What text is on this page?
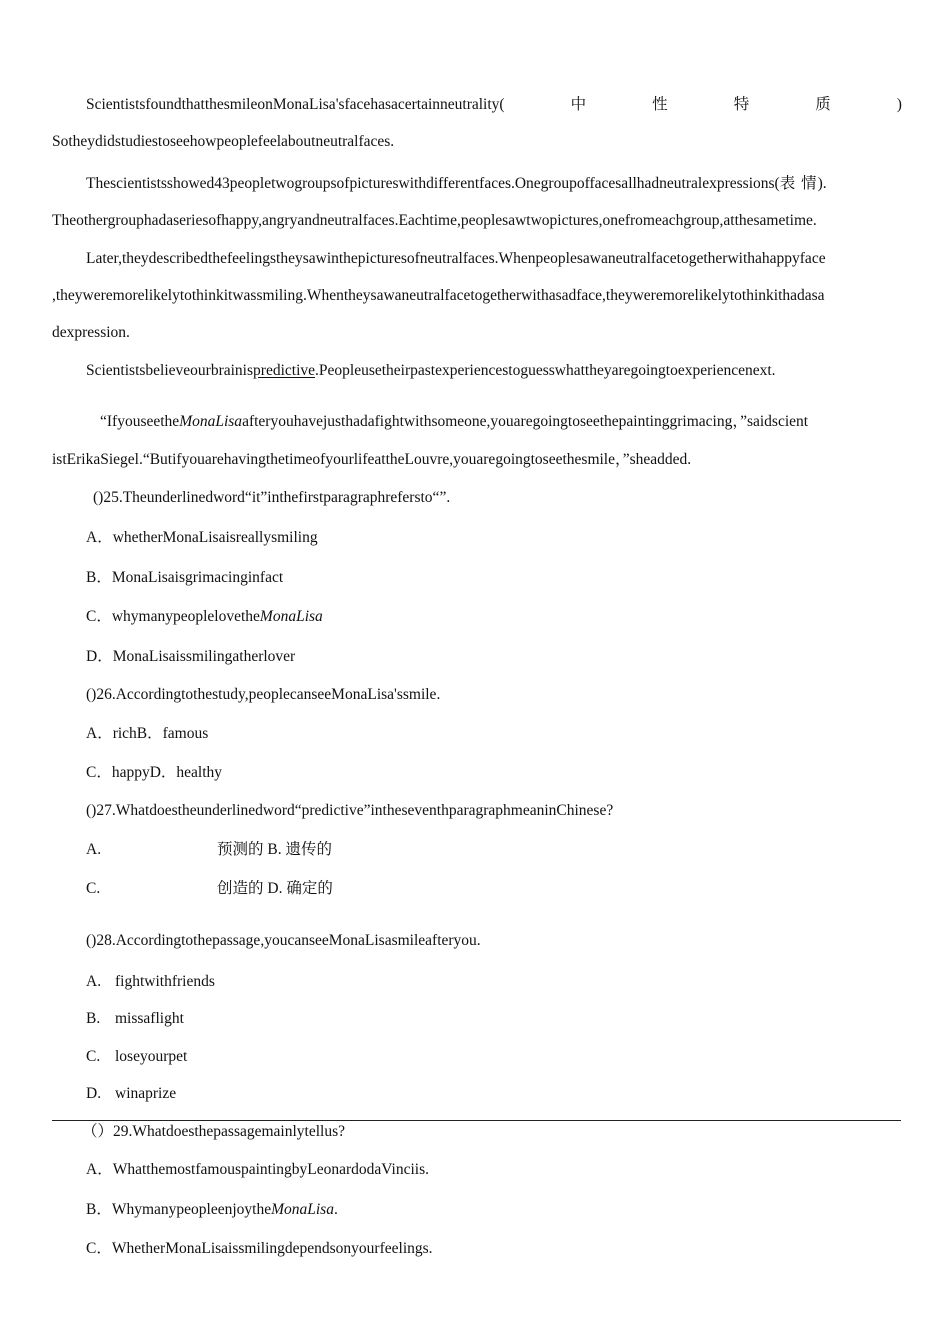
ScientistsfoundthatthesmileonMonaLisa'sfacehasacertainneutrality(	中	性	特	质	)
Sotheydidstudiestoseehowpeoplefeelaboutneutralfaces.
Thescientistsshowed43peopletwogroupsofpictureswithdifferentfaces.Onegroupoffacesallhadneutralexpressions(表 情).
Theothergrouphadaseriesofhappy,angryandneutralfaces.Eachtime,peoplesawtwopictures,onefromeachgroup,atthesametime.
Later,theydescribedthefeelingstheysawinthepicturesofneutralfaces.Whenpeoplesawaneutralfacetogetherwithahappyface
,theyweremorelikelytothinkitwassmiling.Whentheysawaneutralfacetogetherwithasadface,theyweremorelikelytothinkithadasa
dexpression.
Scientistsbelieveourbrainispredictive.Peopleusetheirpastexperiencestoguesswhattheyaregoingtoexperiencenext.
“IfyouseetheMonaLisaafteryouhavejusthadafightwithsomeone,youaregoingtoseethepaintinggrimacing，”saidscient
istErikaSiegel.“ButifyouarehavingthetimeofyourlifeattheLouvre,youaregoingtoseethesmile，”sheadded.
()25.Theunderlinedword“it”inthefirstparagraphrefersto“”.
A．whetherMonaLisaisreallysmiling
B．MonaLisaisgrimacinginfact
C．whymanypeoplelovetheMonaLisa
D．MonaLisaissmilingatherlover
()26.Accordingtothestudy,peoplecanseeMonaLisa'ssmile.
A．richB．famous
C．happyD．healthy
()27.Whatdoestheunderlinedword“predictive”intheseventhparagraphmeaninChinese?
A.	预测的 B. 遗传的
C.	创造的 D. 确定的
()28.Accordingtothepassage,youcanseeMonaLisasmileafteryou.
A. fightwithfriends
B. missaflight
C. loseyourpet
D. winaprize
（）29.Whatdoesthepassagemainlytellus?
A．WhatthemostfamouspaintingbyLeonardodaVinciis.
B．WhymanypeopleenjoytheMonaLisa.
C．WhetherMonaLisaissmilingdependsonyourfeelings.
